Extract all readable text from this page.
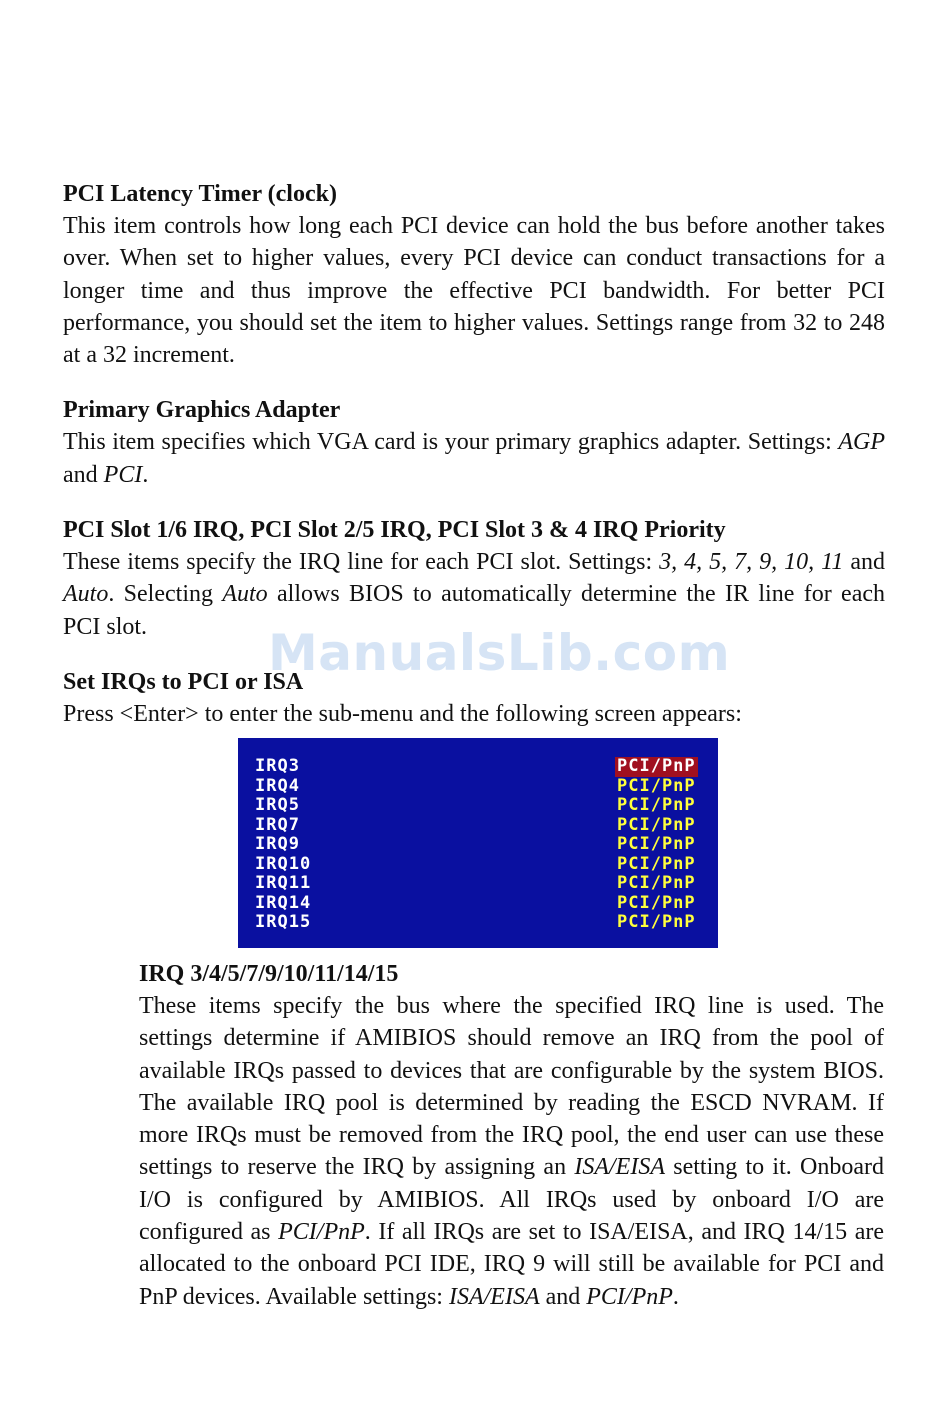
PCI Latency Timer (clock)

This item controls how long each PCI device can hold the bus before another takes over. When set to higher values, every PCI device can conduct transactions for a longer time and thus improve the effective PCI bandwidth. For better PCI performance, you should set the item to higher values. Settings range from 32 to 248 at a 32 increment.

Primary Graphics Adapter

This item specifies which VGA card is your primary graphics adapter. Settings: AGP and PCI.

PCI Slot 1/6 IRQ, PCI Slot 2/5 IRQ, PCI Slot 3 & 4 IRQ Priority

These items specify the IRQ line for each PCI slot. Settings: 3, 4, 5, 7, 9, 10, 11 and Auto. Selecting Auto allows BIOS to automatically determine the IR line for each PCI slot.

Set IRQs to PCI or ISA

Press <Enter> to enter the sub-menu and the following screen appears:

ManualsLib.com
IRQ3	PCI/PnP
IRQ4	PCI/PnP
IRQ5	PCI/PnP
IRQ7	PCI/PnP
IRQ9	PCI/PnP
IRQ10	PCI/PnP
IRQ11	PCI/PnP
IRQ14	PCI/PnP
IRQ15	PCI/PnP
IRQ 3/4/5/7/9/10/11/14/15

These items specify the bus where the specified IRQ line is used. The settings determine if AMIBIOS should remove an IRQ from the pool of available IRQs passed to devices that are configurable by the system BIOS. The available IRQ pool is determined by reading the ESCD NVRAM. If more IRQs must be removed from the IRQ pool, the end user can use these settings to reserve the IRQ by assigning an ISA/EISA setting to it. Onboard I/O is configured by AMIBIOS. All IRQs used by onboard I/O are configured as PCI/PnP. If all IRQs are set to ISA/EISA, and IRQ 14/15 are allocated to the onboard PCI IDE, IRQ 9 will still be available for PCI and PnP devices. Available settings: ISA/EISA and PCI/PnP.
